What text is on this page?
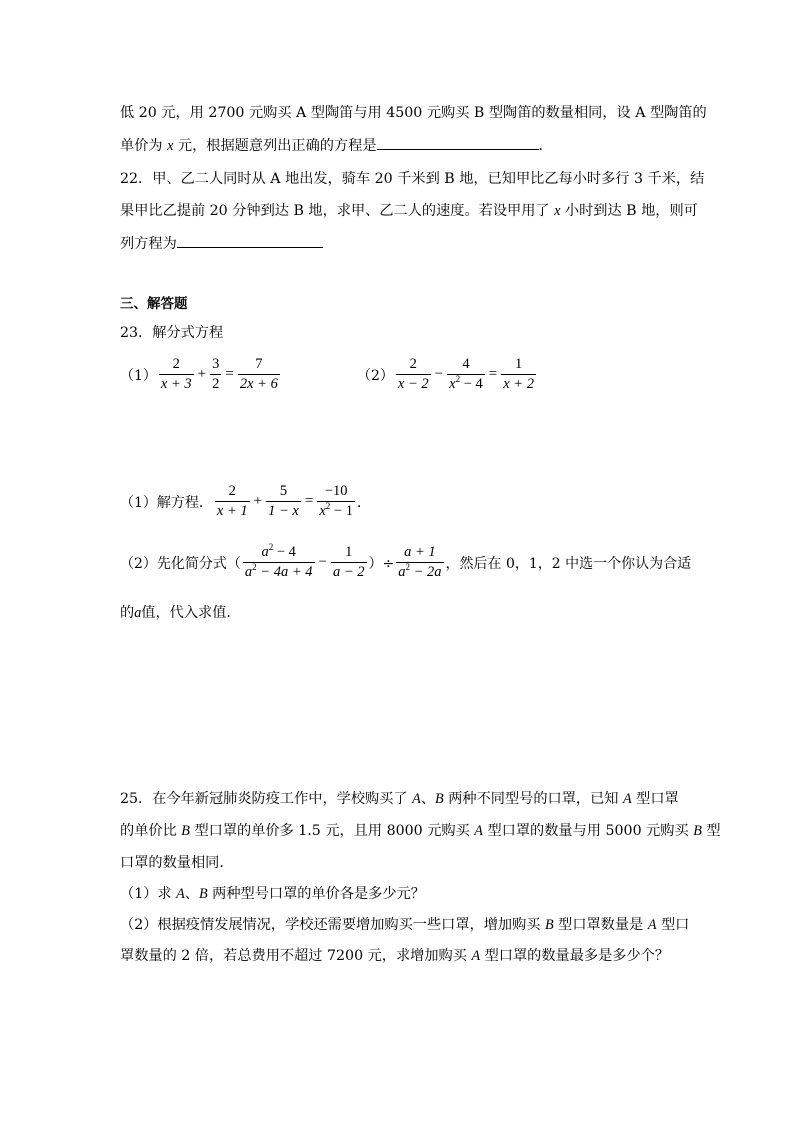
低 20 元，用 2700 元购买 A 型陶笛与用 4500 元购买 B 型陶笛的数量相同，设 A 型陶笛的
单价为 x 元，根据题意列出正确的方程是	．
22．甲、乙二人同时从 A 地出发，骑车 20 千米到 B 地，已知甲比乙每小时多行 3 千米，结
果甲比乙提前 20 分钟到达 B 地，求甲、乙二人的速度。若设甲用了 x 小时到达 B 地，则可
列方程为
三、解答题
23．解分式方程
$(1) \frac{2}{x + 3} + \frac{3}{2} = \frac{7}{2x + 6}$	$(2) \frac{2}{x - 2} - \frac{4}{x^2 - 4} = \frac{1}{x + 2}$
（1）解方程． $\frac{2}{x + 1} + \frac{5}{1 - x} = \frac{-10}{x^2 - 1}$ ．
（2）先化简分式（ $\frac{a^2 - 4}{a^2 - 4a + 4} - \frac{1}{a - 2}$ ）÷ $\frac{a + 1}{a^2 - 2a}$ ，然后在 0，1，2 中选一个你认为合适
的a值，代入求值．
25．在今年新冠肺炎防疫工作中，学校购买了 A、B 两种不同型号的口罩，已知 A 型口罩
的单价比 B 型口罩的单价多 1.5 元，且用 8000 元购买 A 型口罩的数量与用 5000 元购买 B 型
口罩的数量相同．
（1）求 A、B 两种型号口罩的单价各是多少元？
（2）根据疫情发展情况，学校还需要增加购买一些口罩，增加购买 B 型口罩数量是 A 型口
罩数量的 2 倍，若总费用不超过 7200 元，求增加购买 A 型口罩的数量最多是多少个？
